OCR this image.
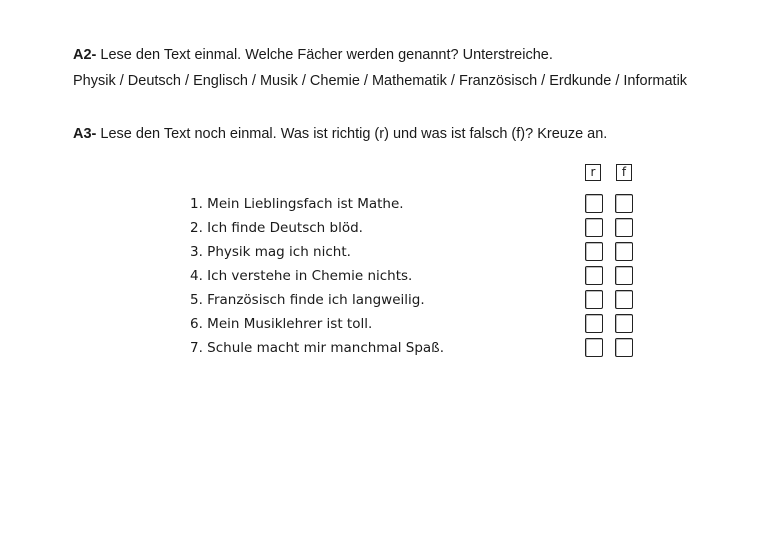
A2- Lese den Text einmal. Welche Fächer werden genannt? Unterstreiche.
Physik / Deutsch / Englisch / Musik / Chemie / Mathematik / Französisch / Erdkunde / Informatik
A3- Lese den Text noch einmal. Was ist richtig (r) und was ist falsch (f)? Kreuze an.
r	f
1. Mein Lieblingsfach ist Mathe.
2. Ich finde Deutsch blöd.
3. Physik mag ich nicht.
4. Ich verstehe in Chemie nichts.
5. Französisch finde ich langweilig.
6. Mein Musiklehrer ist toll.
7. Schule macht mir manchmal Spaß.
